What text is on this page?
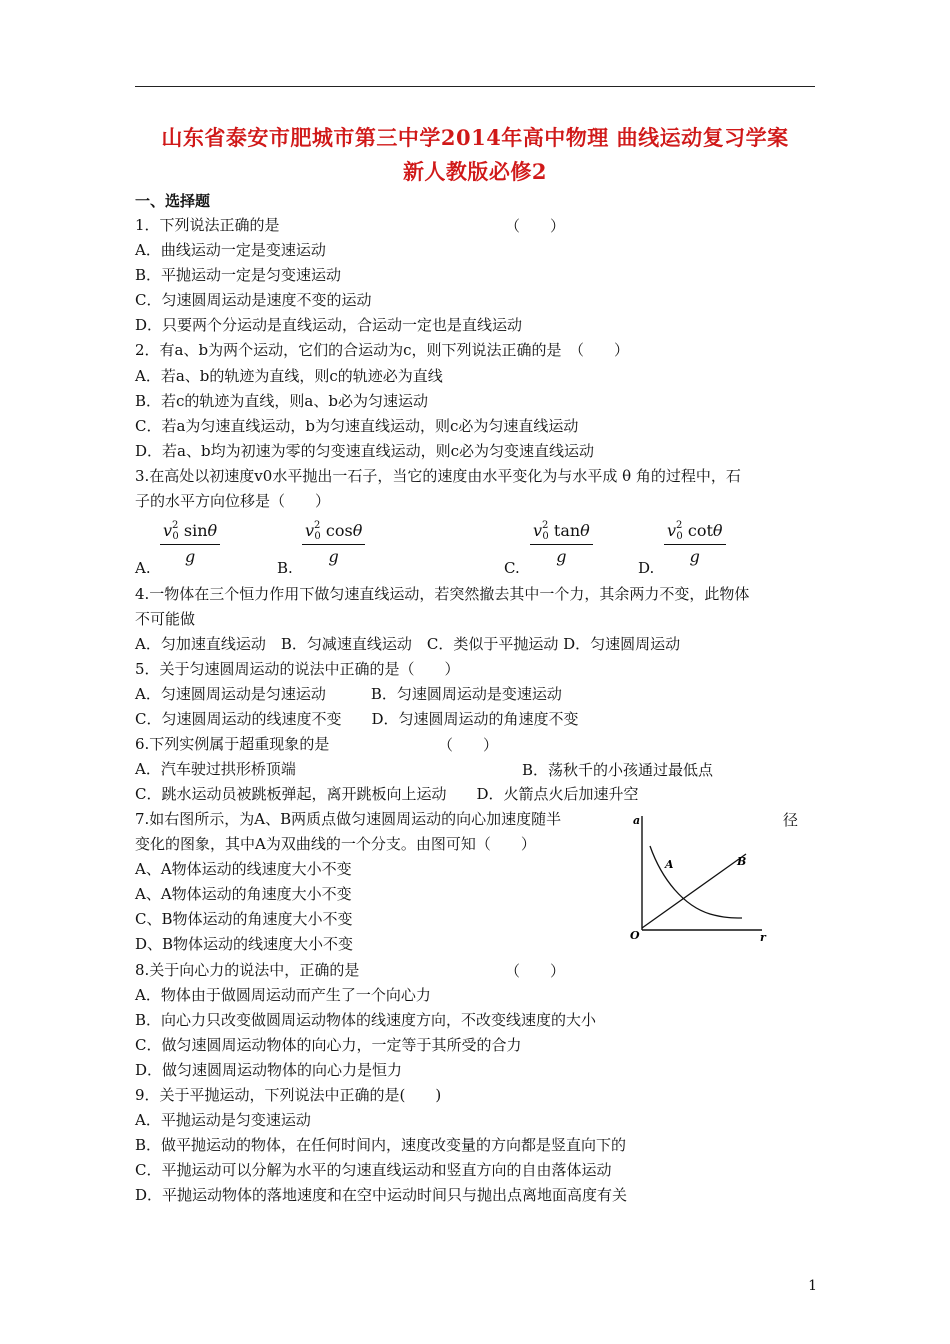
山东省泰安市肥城市第三中学2014年高中物理 曲线运动复习学案
新人教版必修2
一、选择题
1．下列说法正确的是	（　　）
A．曲线运动一定是变速运动
B．平抛运动一定是匀变速运动
C．匀速圆周运动是速度不变的运动
D．只要两个分运动是直线运动，合运动一定也是直线运动
2．有a、b为两个运动，它们的合运动为c，则下列说法正确的是　（　　）
A．若a、b的轨迹为直线，则c的轨迹必为直线
B．若c的轨迹为直线，则a、b必为匀速运动
C．若a为匀速直线运动，b为匀速直线运动，则c必为匀速直线运动
D．若a、b均为初速为零的匀变速直线运动，则c必为匀变速直线运动
3.在高处以初速度v0水平抛出一石子，当它的速度由水平变化为与水平成 θ 角的过程中，石
子的水平方向位移是（　　）
A.
$\frac{v^2_0 \sin\theta}{g}$
B.
$\frac{v^2_0 \cos\theta}{g}$
C.
$\frac{v^2_0 \tan\theta}{g}$
D.
$\frac{v^2_0 \cot\theta}{g}$
4.一物体在三个恒力作用下做匀速直线运动，若突然撤去其中一个力，其余两力不变，此物体
不可能做
A．匀加速直线运动　B．匀减速直线运动　C．类似于平抛运动 D．匀速圆周运动
5．关于匀速圆周运动的说法中正确的是（　　）
A．匀速圆周运动是匀速运动　　　B．匀速圆周运动是变速运动
C．匀速圆周运动的线速度不变　　D．匀速圆周运动的角速度不变
6.下列实例属于超重现象的是	（　　）
A．汽车驶过拱形桥顶端	B．荡秋千的小孩通过最低点
C．跳水运动员被跳板弹起，离开跳板向上运动　　D．火箭点火后加速升空
7.如右图所示，为A、B两质点做匀速圆周运动的向心加速度随半	径
变化的图象，其中A为双曲线的一个分支。由图可知（　　）
A、A物体运动的线速度大小不变
A、A物体运动的角速度大小不变
C、B物体运动的角速度大小不变
D、B物体运动的线速度大小不变
a
r
O
A	B
8.关于向心力的说法中，正确的是	（　　）
A．物体由于做圆周运动而产生了一个向心力
B．向心力只改变做圆周运动物体的线速度方向，不改变线速度的大小
C．做匀速圆周运动物体的向心力，一定等于其所受的合力
D．做匀速圆周运动物体的向心力是恒力
9．关于平抛运动，下列说法中正确的是(　　)
A．平抛运动是匀变速运动
B．做平抛运动的物体，在任何时间内，速度改变量的方向都是竖直向下的
C．平抛运动可以分解为水平的匀速直线运动和竖直方向的自由落体运动
D．平抛运动物体的落地速度和在空中运动时间只与抛出点离地面高度有关
1
